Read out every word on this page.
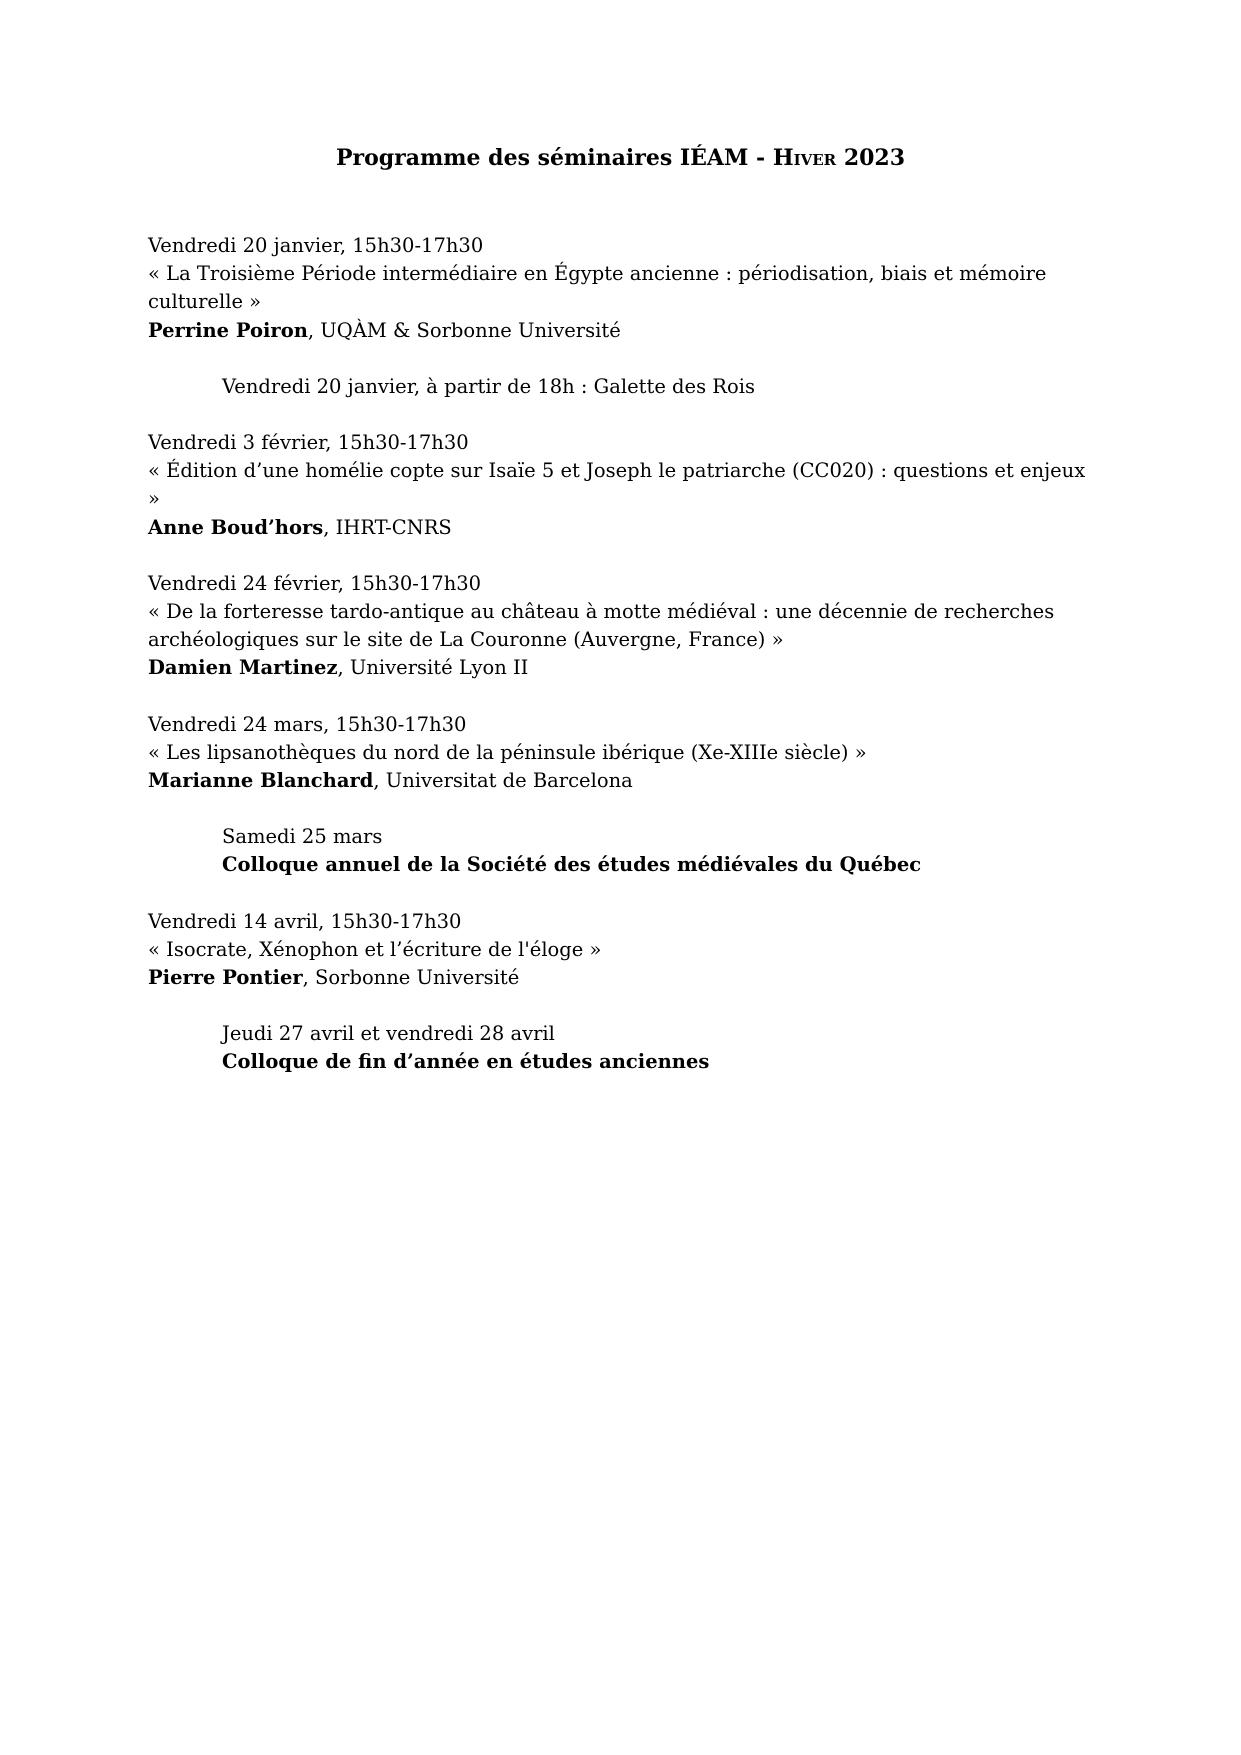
Programme des séminaires IÉAM - Hiver 2023
Vendredi 20 janvier, 15h30-17h30
« La Troisième Période intermédiaire en Égypte ancienne : périodisation, biais et mémoire culturelle »
Perrine Poiron, UQÀM & Sorbonne Université
Vendredi 20 janvier, à partir de 18h : Galette des Rois
Vendredi 3 février, 15h30-17h30
« Édition d’une homélie copte sur Isaïe 5 et Joseph le patriarche (CC020) : questions et enjeux »
Anne Boud’hors, IHRT-CNRS
Vendredi 24 février, 15h30-17h30
« De la forteresse tardo-antique au château à motte médiéval : une décennie de recherches archéologiques sur le site de La Couronne (Auvergne, France) »
Damien Martinez, Université Lyon II
Vendredi 24 mars, 15h30-17h30
« Les lipsanothèques du nord de la péninsule ibérique (Xe-XIIIe siècle) »
Marianne Blanchard, Universitat de Barcelona
Samedi 25 mars
Colloque annuel de la Société des études médiévales du Québec
Vendredi 14 avril, 15h30-17h30
« Isocrate, Xénophon et l’écriture de l'éloge »
Pierre Pontier, Sorbonne Université
Jeudi 27 avril et vendredi 28 avril
Colloque de fin d’année en études anciennes
